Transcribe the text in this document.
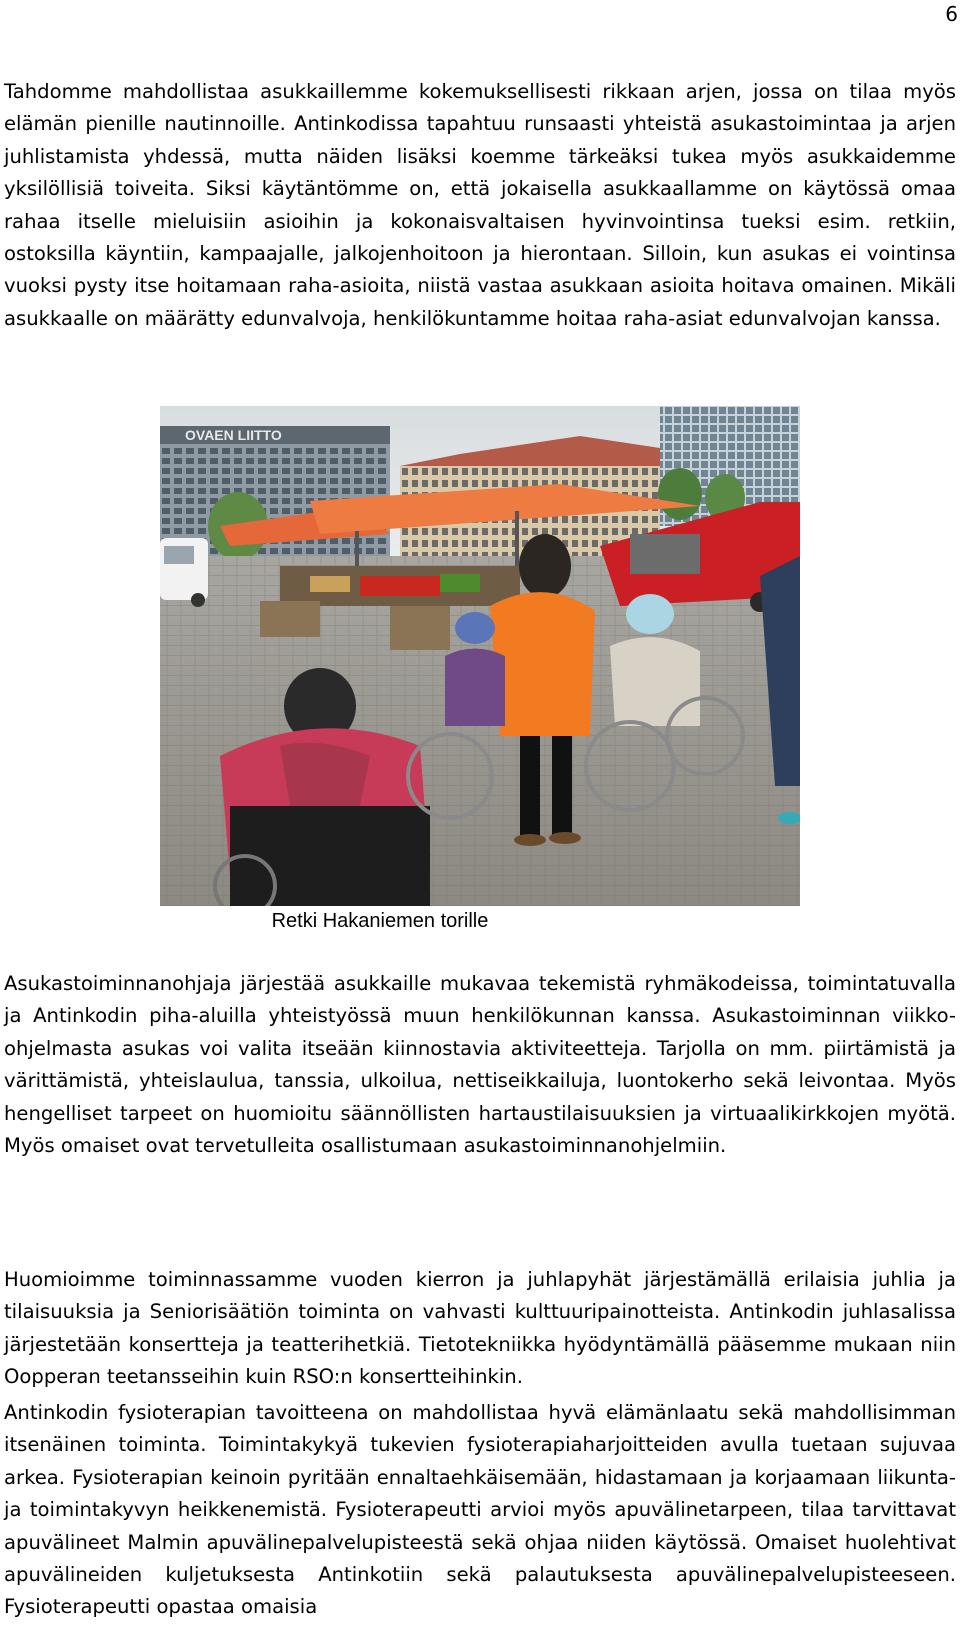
6

Tahdomme mahdollistaa asukkaillemme kokemuksellisesti rikkaan arjen, jossa on tilaa myös elämän pienille nautinnoille. Antinkodissa tapahtuu runsaasti yhteistä asukastoimintaa ja arjen juhlistamista yhdessä, mutta näiden lisäksi koemme tärkeäksi tukea myös asukkaidemme yksilöllisiä toiveita. Siksi käytäntömme on, että jokaisella asukkaallamme on käytössä omaa rahaa itselle mieluisiin asioihin ja kokonaisvaltaisen hyvinvointinsa tueksi esim. retkiin, ostoksilla käyntiin, kampaajalle, jalkojenhoitoon ja hierontaan. Silloin, kun asukas ei vointinsa vuoksi pysty itse hoitamaan raha-asioita, niistä vastaa asukkaan asioita hoitava omainen. Mikäli asukkaalle on määrätty edunvalvoja, henkilökuntamme hoitaa raha-asiat edunvalvojan kanssa.

OVAEN LIITTO
Retki Hakaniemen torille

Asukastoiminnanohjaja järjestää asukkaille mukavaa tekemistä ryhmäkodeissa, toimintatuvalla ja Antinkodin piha-aluilla yhteistyössä muun henkilökunnan kanssa. Asukastoiminnan viikko-ohjelmasta asukas voi valita itseään kiinnostavia aktiviteetteja. Tarjolla on mm. piirtämistä ja värittämistä, yhteislaulua, tanssia, ulkoilua, nettiseikkailuja, luontokerho sekä leivontaa. Myös hengelliset tarpeet on huomioitu säännöllisten hartaustilaisuuksien ja virtuaalikirkkojen myötä. Myös omaiset ovat tervetulleita osallistumaan asukastoiminnanohjelmiin.

Huomioimme toiminnassamme vuoden kierron ja juhlapyhät järjestämällä erilaisia juhlia ja tilaisuuksia ja Seniorisäätiön toiminta on vahvasti kulttuuripainotteista. Antinkodin juhlasalissa järjestetään konsertteja ja teatterihetkiä. Tietotekniikka hyödyntämällä pääsemme mukaan niin Oopperan teetansseihin kuin RSO:n konsertteihinkin.

Antinkodin fysioterapian tavoitteena on mahdollistaa hyvä elämänlaatu sekä mahdollisimman itsenäinen toiminta. Toimintakykyä tukevien fysioterapiaharjoitteiden avulla tuetaan sujuvaa arkea. Fysioterapian keinoin pyritään ennaltaehkäisemään, hidastamaan ja korjaamaan liikunta- ja toimintakyvyn heikkenemistä. Fysioterapeutti arvioi myös apuvälinetarpeen, tilaa tarvittavat apuvälineet Malmin apuvälinepalvelupisteestä sekä ohjaa niiden käytössä. Omaiset huolehtivat apuvälineiden kuljetuksesta Antinkotiin sekä palautuksesta apuvälinepalvelupisteeseen. Fysioterapeutti opastaa omaisia
